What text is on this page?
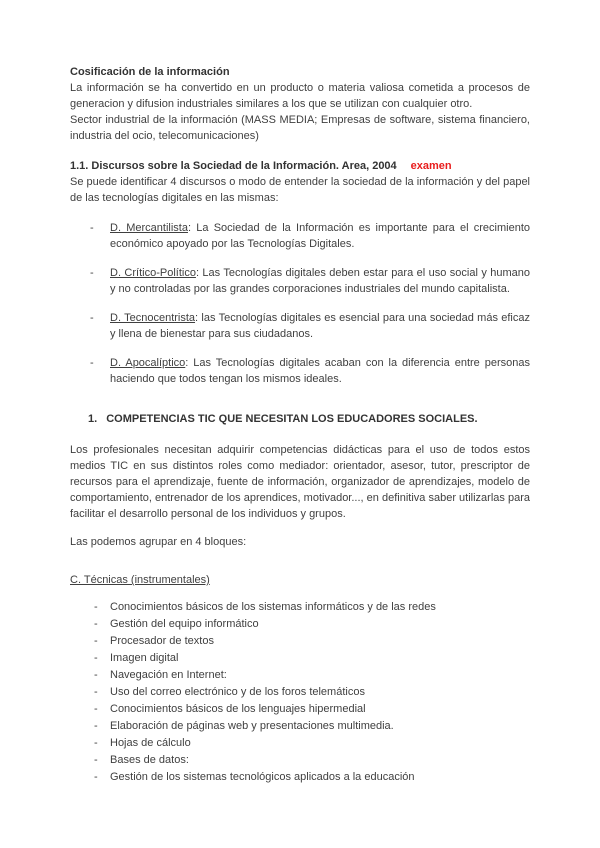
Cosificación de la información

La información se ha convertido en un producto o materia valiosa cometida a procesos de generacion y difusion industriales similares a los que se utilizan con cualquier otro.

Sector industrial de la información (MASS MEDIA; Empresas de software, sistema financiero, industria del ocio, telecomunicaciones)

1.1. Discursos sobre la Sociedad de la Información. Area, 2004 examen

Se puede identificar 4 discursos o modo de entender la sociedad de la información y del papel de las tecnologías digitales en las mismas:

- D. Mercantilista: La Sociedad de la Información es importante para el crecimiento económico apoyado por las Tecnologías Digitales.
- D. Crítico-Político: Las Tecnologías digitales deben estar para el uso social y humano y no controladas por las grandes corporaciones industriales del mundo capitalista.
- D. Tecnocentrista: las Tecnologías digitales es esencial para una sociedad más eficaz y llena de bienestar para sus ciudadanos.
- D. Apocalíptico: Las Tecnologías digitales acaban con la diferencia entre personas haciendo que todos tengan los mismos ideales.

1. COMPETENCIAS TIC QUE NECESITAN LOS EDUCADORES SOCIALES.

Los profesionales necesitan adquirir competencias didácticas para el uso de todos estos medios TIC en sus distintos roles como mediador: orientador, asesor, tutor, prescriptor de recursos para el aprendizaje, fuente de información, organizador de aprendizajes, modelo de comportamiento, entrenador de los aprendices, motivador..., en definitiva saber utilizarlas para facilitar el desarrollo personal de los individuos y grupos.

Las podemos agrupar en 4 bloques:

C. Técnicas (instrumentales)

- Conocimientos básicos de los sistemas informáticos y de las redes
- Gestión del equipo informático
- Procesador de textos
- Imagen digital
- Navegación en Internet:
- Uso del correo electrónico y de los foros telemáticos
- Conocimientos básicos de los lenguajes hipermedial
- Elaboración de páginas web y presentaciones multimedia.
- Hojas de cálculo
- Bases de datos:
- Gestión de los sistemas tecnológicos aplicados a la educación
